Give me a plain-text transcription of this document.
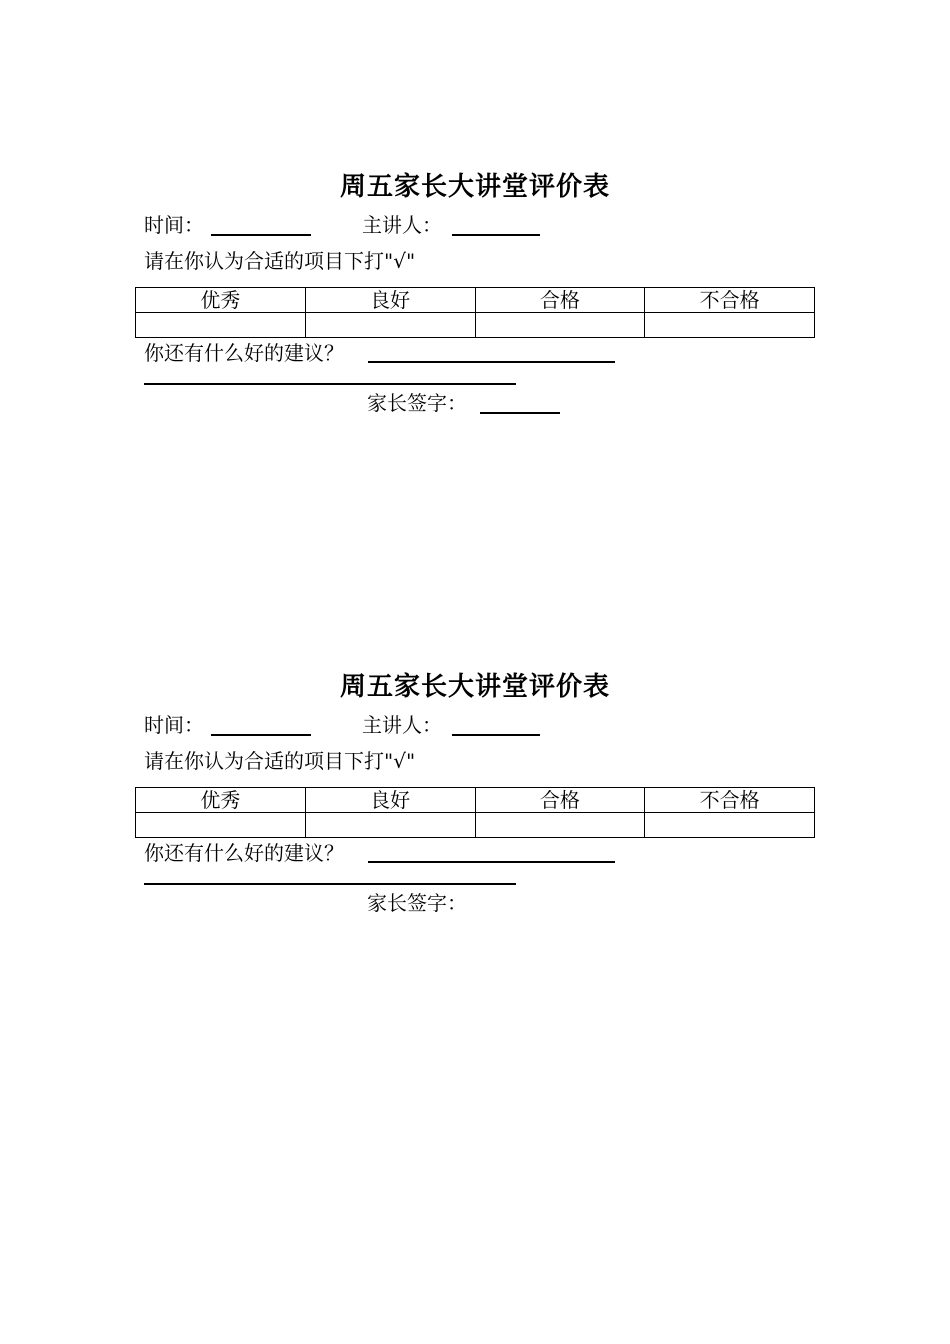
周五家长大讲堂评价表
时间：	主讲人：
请在你认为合适的项目下打"√"
优秀	良好	合格	不合格

你还有什么好的建议？
家长签字：
周五家长大讲堂评价表
时间：	主讲人：
请在你认为合适的项目下打"√"
优秀	良好	合格	不合格

你还有什么好的建议？
家长签字：
